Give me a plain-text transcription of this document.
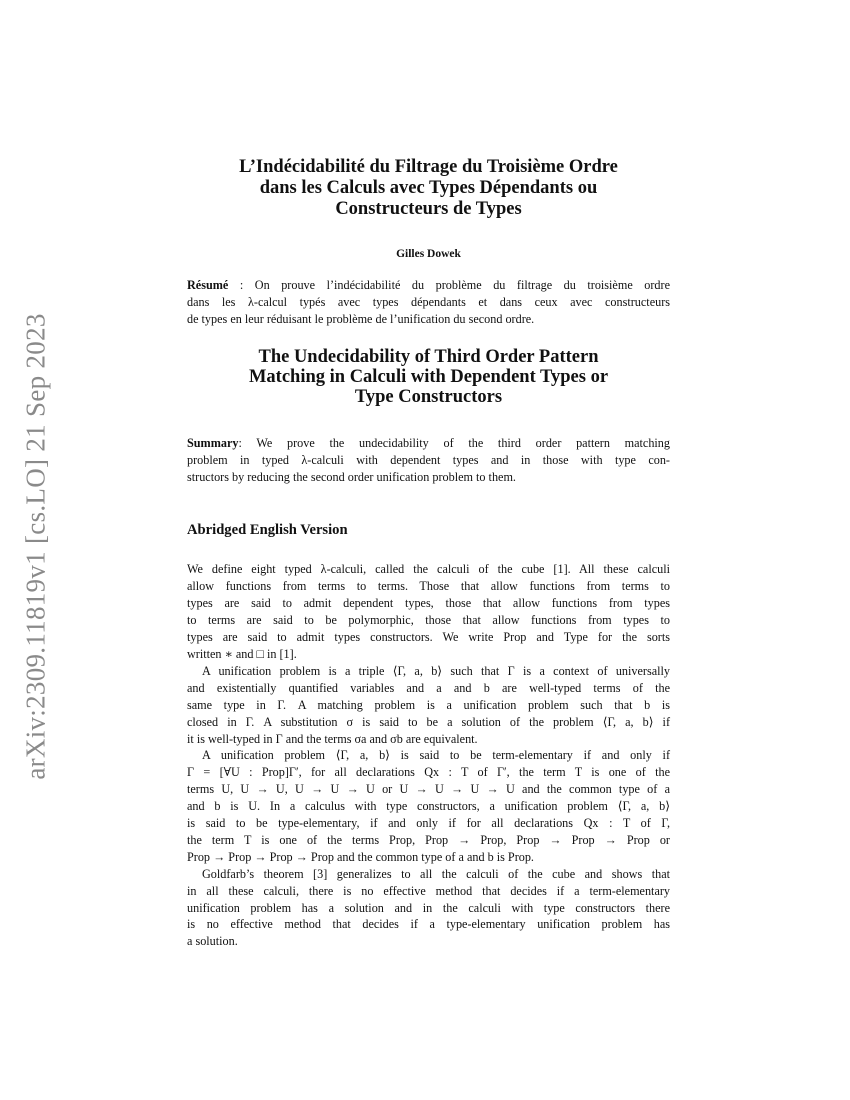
arXiv:2309.11819v1 [cs.LO] 21 Sep 2023
L’Indécidabilité du Filtrage du Troisième Ordre
dans les Calculs avec Types Dépendants ou
Constructeurs de Types
Gilles Dowek
Résumé : On prouve l’indécidabilité du problème du filtrage du troisième ordre
dans les λ-calcul typés avec types dépendants et dans ceux avec constructeurs
de types en leur réduisant le problème de l’unification du second ordre.
The Undecidability of Third Order Pattern
Matching in Calculi with Dependent Types or
Type Constructors
Summary: We prove the undecidability of the third order pattern matching
problem in typed λ-calculi with dependent types and in those with type con-
structors by reducing the second order unification problem to them.
Abridged English Version

We define eight typed λ-calculi, called the calculi of the cube [1]. All these calculi
allow functions from terms to terms. Those that allow functions from terms to
types are said to admit dependent types, those that allow functions from types
to terms are said to be polymorphic, those that allow functions from types to
types are said to admit types constructors. We write Prop and Type for the sorts
written ∗ and □ in [1].

A unification problem is a triple ⟨Γ, a, b⟩ such that Γ is a context of universally
and existentially quantified variables and a and b are well-typed terms of the
same type in Γ. A matching problem is a unification problem such that b is
closed in Γ. A substitution σ is said to be a solution of the problem ⟨Γ, a, b⟩ if
it is well-typed in Γ and the terms σa and σb are equivalent.

A unification problem ⟨Γ, a, b⟩ is said to be term-elementary if and only if
Γ = [∀U : Prop]Γ′, for all declarations Qx : T of Γ′, the term T is one of the
terms U, U → U, U → U → U or U → U → U → U and the common type of a
and b is U. In a calculus with type constructors, a unification problem ⟨Γ, a, b⟩
is said to be type-elementary, if and only if for all declarations Qx : T of Γ,
the term T is one of the terms Prop, Prop → Prop, Prop → Prop → Prop or
Prop → Prop → Prop → Prop and the common type of a and b is Prop.

Goldfarb’s theorem [3] generalizes to all the calculi of the cube and shows that
in all these calculi, there is no effective method that decides if a term-elementary
unification problem has a solution and in the calculi with type constructors there
is no effective method that decides if a type-elementary unification problem has
a solution.
